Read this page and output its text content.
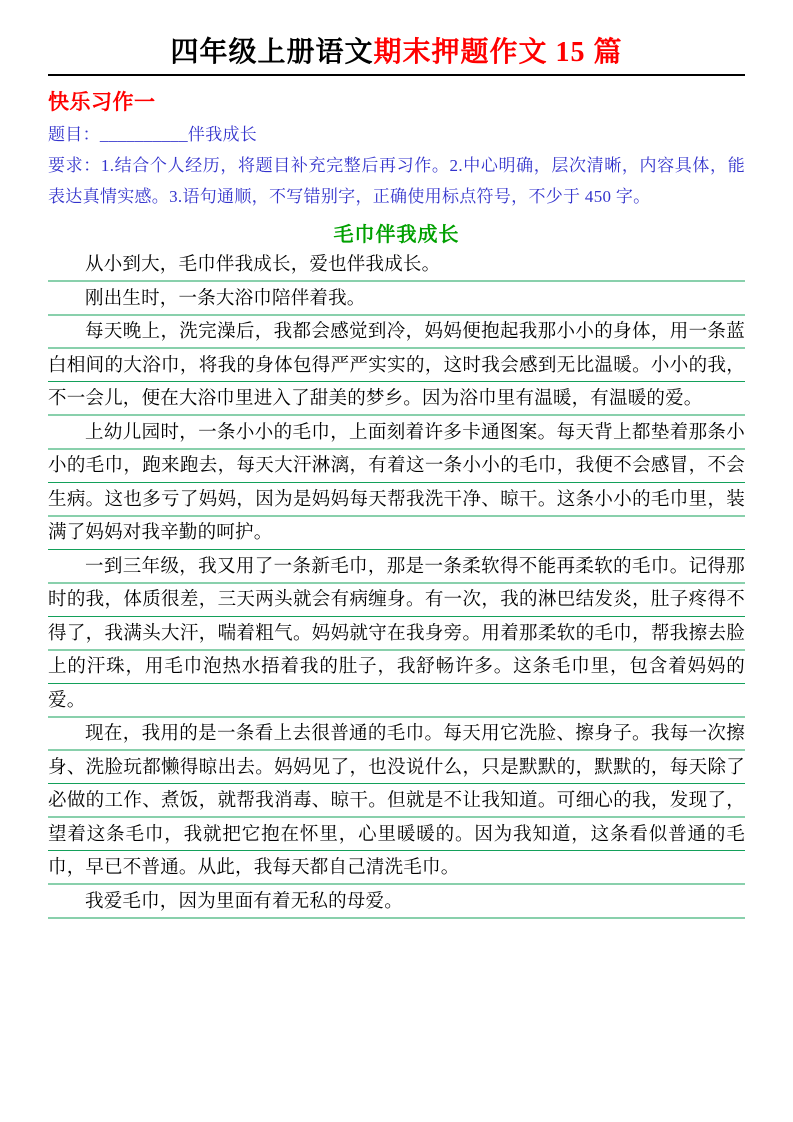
四年级上册语文期末押题作文 15 篇
快乐习作一
题目：__________伴我成长
要求：1.结合个人经历，将题目补充完整后再习作。2.中心明确，层次清晰，内容具体，能表达真情实感。3.语句通顺，不写错别字，正确使用标点符号，不少于 450 字。
毛巾伴我成长

从小到大，毛巾伴我成长，爱也伴我成长。

刚出生时，一条大浴巾陪伴着我。

每天晚上，洗完澡后，我都会感觉到冷，妈妈便抱起我那小小的身体，用一条蓝白相间的大浴巾，将我的身体包得严严实实的，这时我会感到无比温暖。小小的我，不一会儿，便在大浴巾里进入了甜美的梦乡。因为浴巾里有温暖，有温暖的爱。

上幼儿园时，一条小小的毛巾，上面刻着许多卡通图案。每天背上都垫着那条小小的毛巾，跑来跑去，每天大汗淋漓，有着这一条小小的毛巾，我便不会感冒，不会生病。这也多亏了妈妈，因为是妈妈每天帮我洗干净、晾干。这条小小的毛巾里，装满了妈妈对我辛勤的呵护。

一到三年级，我又用了一条新毛巾，那是一条柔软得不能再柔软的毛巾。记得那时的我，体质很差，三天两头就会有病缠身。有一次，我的淋巴结发炎，肚子疼得不得了，我满头大汗，喘着粗气。妈妈就守在我身旁。用着那柔软的毛巾，帮我擦去脸上的汗珠，用毛巾泡热水捂着我的肚子，我舒畅许多。这条毛巾里，包含着妈妈的爱。

现在，我用的是一条看上去很普通的毛巾。每天用它洗脸、擦身子。我每一次擦身、洗脸玩都懒得晾出去。妈妈见了，也没说什么，只是默默的，默默的，每天除了必做的工作、煮饭，就帮我消毒、晾干。但就是不让我知道。可细心的我，发现了，望着这条毛巾，我就把它抱在怀里，心里暖暖的。因为我知道，这条看似普通的毛巾，早已不普通。从此，我每天都自己清洗毛巾。

我爱毛巾，因为里面有着无私的母爱。
